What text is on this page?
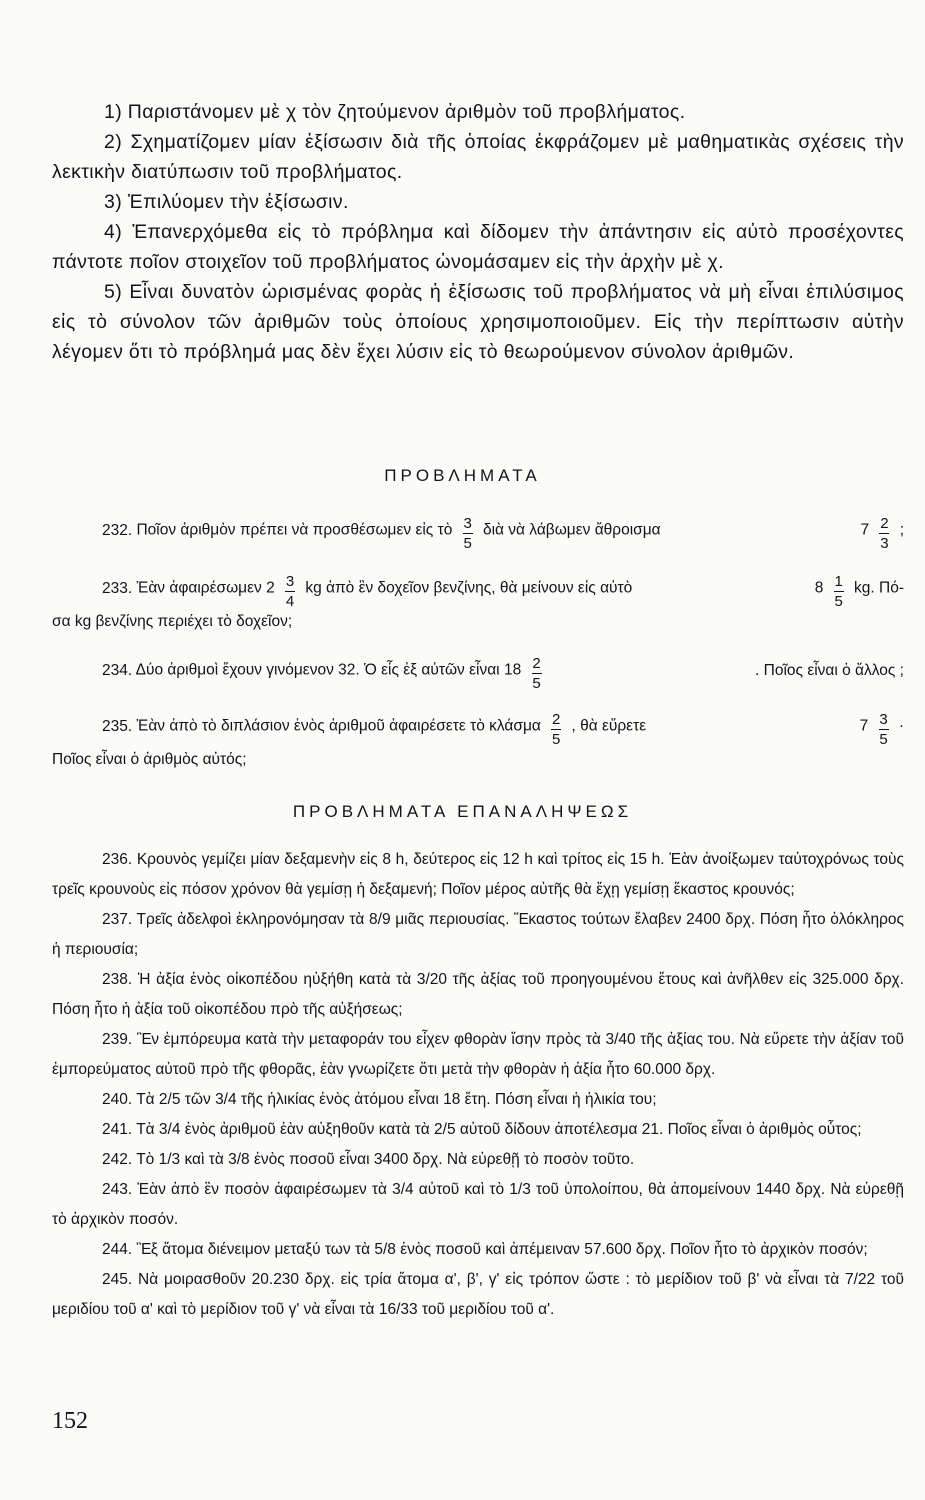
1) Παριστάνομεν μὲ χ τὸν ζητούμενον ἀριθμὸν τοῦ προβλήματος.

2) Σχηματίζομεν μίαν ἐξίσωσιν διὰ τῆς ὁποίας ἐκφράζομεν μὲ μαθηματικὰς σχέσεις τὴν λεκτικὴν διατύπωσιν τοῦ προβλήματος.

3) Ἐπιλύομεν τὴν ἐξίσωσιν.

4) Ἐπανερχόμεθα εἰς τὸ πρόβλημα καὶ δίδομεν τὴν ἀπάντησιν εἰς αὐτὸ προσέχοντες πάντοτε ποῖον στοιχεῖον τοῦ προβλήματος ὠνομάσαμεν εἰς τὴν ἀρχὴν μὲ χ.

5) Εἶναι δυνατὸν ὡρισμένας φορὰς ἡ ἐξίσωσις τοῦ προβλήματος νὰ μὴ εἶναι ἐπιλύσιμος εἰς τὸ σύνολον τῶν ἀριθμῶν τοὺς ὁποίους χρησιμοποιοῦμεν. Εἰς τὴν περίπτωσιν αὐτὴν λέγομεν ὅτι τὸ πρόβλημά μας δὲν ἔχει λύσιν εἰς τὸ θεωρούμενον σύνολον ἀριθμῶν.

ΠΡΟΒΛΗΜΑΤΑ
232. Ποῖον ἀριθμὸν πρέπει νὰ προσθέσωμεν εἰς τὸ $\frac{3}{5}$ διὰ νὰ λάβωμεν ἄθροισμα	$7 \frac{2}{3}$ ;
233. Ἐὰν ἀφαιρέσωμεν $2 \frac{3}{4}$ kg ἀπὸ ἓν δοχεῖον βενζίνης, θὰ μείνουν εἰς αὐτὸ	$8 \frac{1}{5}$ kg. Πό-
σα kg βενζίνης περιέχει τὸ δοχεῖον;
234. Δύο ἀριθμοὶ ἔχουν γινόμενον 32. Ὁ εἷς ἐξ αὐτῶν εἶναι $18 \frac{2}{5}$	. Ποῖος εἶναι ὁ ἄλλος ;
235. Ἐὰν ἀπὸ τὸ διπλάσιον ἑνὸς ἀριθμοῦ ἀφαιρέσετε τὸ κλάσμα $\frac{2}{5}$ , θὰ εὕρετε	$7 \frac{3}{5}$ ·
Ποῖος εἶναι ὁ ἀριθμὸς αὐτός;
ΠΡΟΒΛΗΜΑΤΑ ΕΠΑΝΑΛΗΨΕΩΣ

236. Κρουνὸς γεμίζει μίαν δεξαμενὴν εἰς 8 h, δεύτερος εἰς 12 h καὶ τρίτος εἰς 15 h. Ἐὰν ἀνοίξωμεν ταὐτοχρόνως τοὺς τρεῖς κρουνοὺς εἰς πόσον χρόνον θὰ γεμίσῃ ἡ δεξαμενή; Ποῖον μέρος αὐτῆς θὰ ἔχῃ γεμίσῃ ἕκαστος κρουνός;

237. Τρεῖς ἀδελφοὶ ἐκληρονόμησαν τὰ 8/9 μιᾶς περιουσίας. Ἕκαστος τούτων ἔλαβεν 2400 δρχ. Πόση ἦτο ὁλόκληρος ἡ περιουσία;

238. Ἡ ἀξία ἑνὸς οἰκοπέδου ηὐξήθη κατὰ τὰ 3/20 τῆς ἀξίας τοῦ προηγουμένου ἔτους καὶ ἀνῆλθεν εἰς 325.000 δρχ. Πόση ἦτο ἡ ἀξία τοῦ οἰκοπέδου πρὸ τῆς αὐξήσεως;

239. Ἓν ἐμπόρευμα κατὰ τὴν μεταφοράν του εἶχεν φθορὰν ἴσην πρὸς τὰ 3/40 τῆς ἀξίας του. Νὰ εὕρετε τὴν ἀξίαν τοῦ ἐμπορεύματος αὐτοῦ πρὸ τῆς φθορᾶς, ἐὰν γνωρίζετε ὅτι μετὰ τὴν φθορὰν ἡ ἀξία ἦτο 60.000 δρχ.

240. Τὰ 2/5 τῶν 3/4 τῆς ἡλικίας ἑνὸς ἀτόμου εἶναι 18 ἔτη. Πόση εἶναι ἡ ἡλικία του;

241. Τὰ 3/4 ἑνὸς ἀριθμοῦ ἐὰν αὐξηθοῦν κατὰ τὰ 2/5 αὐτοῦ δίδουν ἀποτέλεσμα 21. Ποῖος εἶναι ὁ ἀριθμὸς οὗτος;

242. Τὸ 1/3 καὶ τὰ 3/8 ἑνὸς ποσοῦ εἶναι 3400 δρχ. Νὰ εὑρεθῇ τὸ ποσὸν τοῦτο.

243. Ἐὰν ἀπὸ ἓν ποσὸν ἀφαιρέσωμεν τὰ 3/4 αὐτοῦ καὶ τὸ 1/3 τοῦ ὑπολοίπου, θὰ ἀπομείνουν 1440 δρχ. Νὰ εὑρεθῇ τὸ ἀρχικὸν ποσόν.

244. Ἓξ ἄτομα διένειμον μεταξύ των τὰ 5/8 ἑνὸς ποσοῦ καὶ ἀπέμειναν 57.600 δρχ. Ποῖον ἦτο τὸ ἀρχικὸν ποσόν;

245. Νὰ μοιρασθοῦν 20.230 δρχ. εἰς τρία ἄτομα α', β', γ' εἰς τρόπον ὥστε : τὸ μερίδιον τοῦ β' νὰ εἶναι τὰ 7/22 τοῦ μεριδίου τοῦ α' καὶ τὸ μερίδιον τοῦ γ' νὰ εἶναι τὰ 16/33 τοῦ μεριδίου τοῦ α'.

152
